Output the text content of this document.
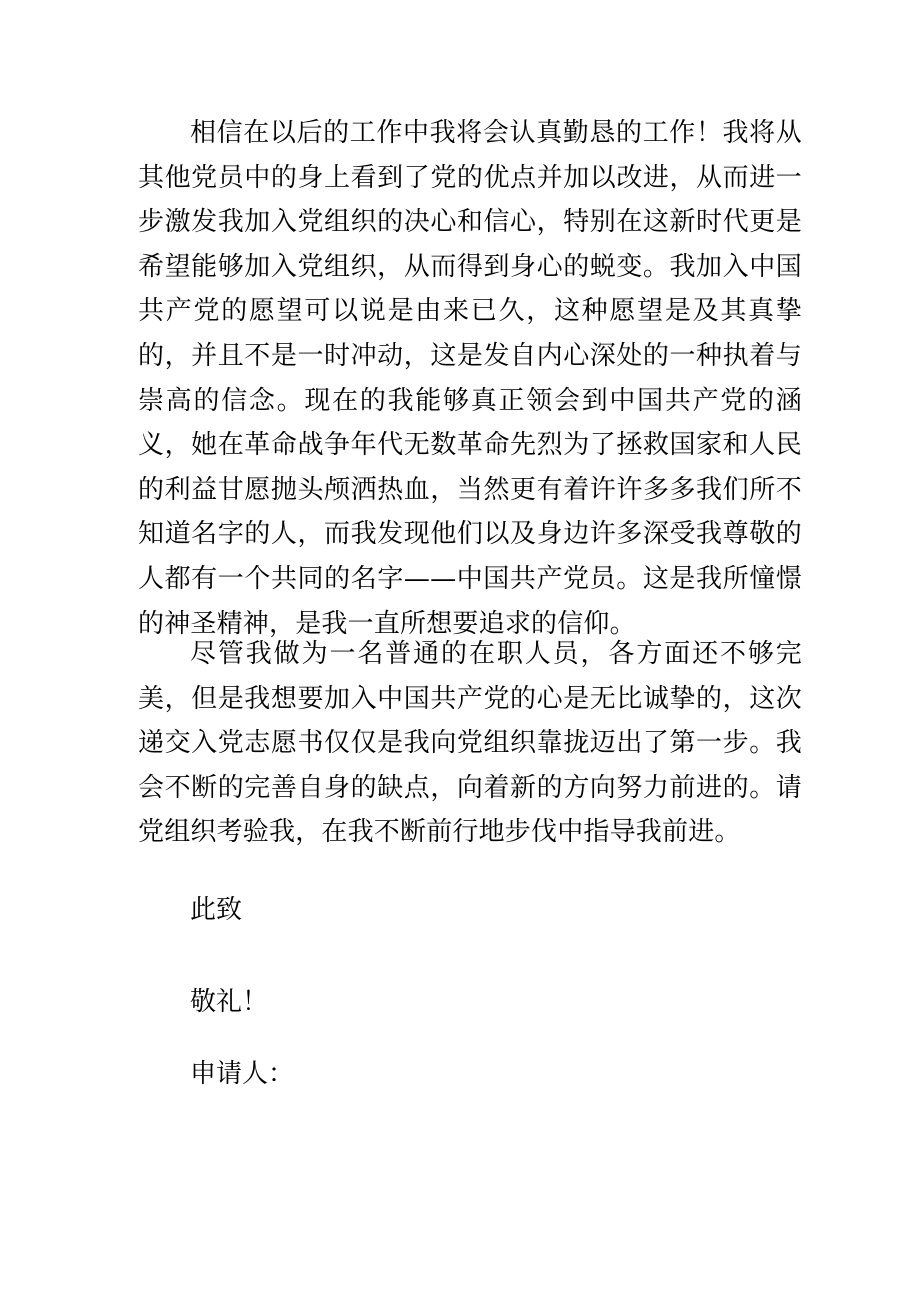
相信在以后的工作中我将会认真勤恳的工作！我将从其他党员中的身上看到了党的优点并加以改进，从而进一步激发我加入党组织的决心和信心，特别在这新时代更是希望能够加入党组织，从而得到身心的蜕变。我加入中国共产党的愿望可以说是由来已久，这种愿望是及其真挚的，并且不是一时冲动，这是发自内心深处的一种执着与崇高的信念。现在的我能够真正领会到中国共产党的涵义，她在革命战争年代无数革命先烈为了拯救国家和人民的利益甘愿抛头颅洒热血，当然更有着许许多多我们所不知道名字的人，而我发现他们以及身边许多深受我尊敬的人都有一个共同的名字——中国共产党员。这是我所憧憬的神圣精神，是我一直所想要追求的信仰。

尽管我做为一名普通的在职人员，各方面还不够完美，但是我想要加入中国共产党的心是无比诚挚的，这次递交入党志愿书仅仅是我向党组织靠拢迈出了第一步。我会不断的完善自身的缺点，向着新的方向努力前进的。请党组织考验我，在我不断前行地步伐中指导我前进。

此致

敬礼！

申请人：
